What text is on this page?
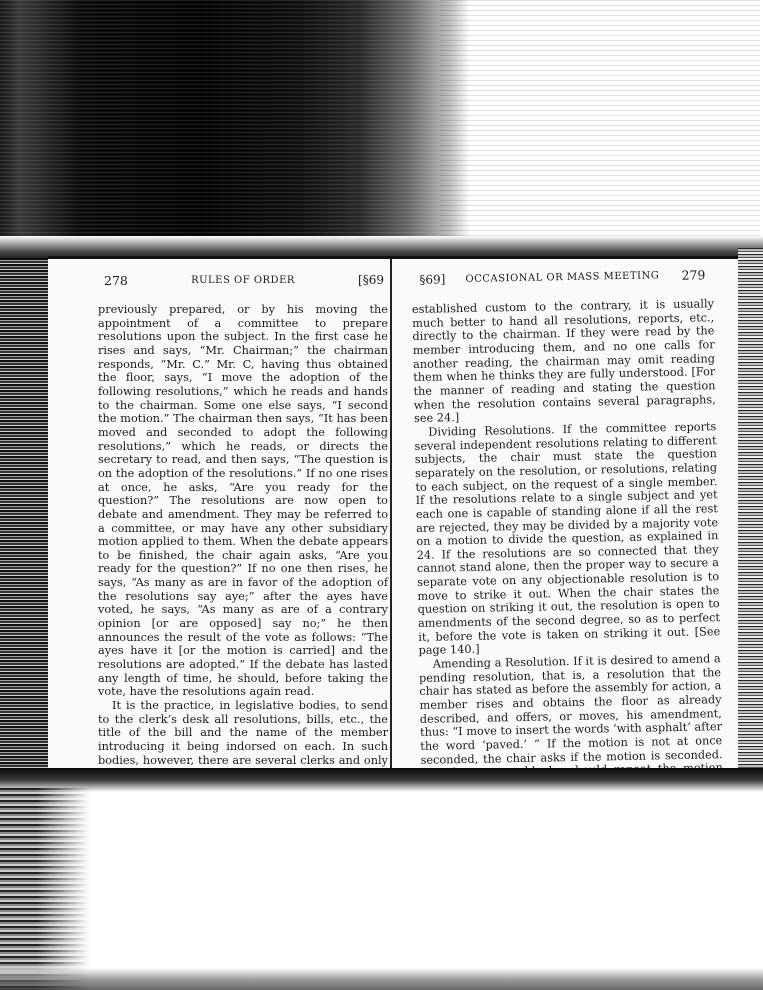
278	RULES OF ORDER	[§69

previously prepared, or by his moving the appointment of a committee to prepare resolutions upon the subject. In the first case he rises and says, “Mr. Chairman;” the chairman responds, “Mr. C.” Mr. C, having thus obtained the floor, says, “I move the adoption of the following resolutions,” which he reads and hands to the chairman. Some one else says, “I second the motion.” The chairman then says, “It has been moved and seconded to adopt the following resolutions,” which he reads, or directs the secretary to read, and then says, “The question is on the adoption of the resolutions.” If no one rises at once, he asks, “Are you ready for the question?” The resolutions are now open to debate and amendment. They may be referred to a committee, or may have any other subsidiary motion applied to them. When the debate appears to be finished, the chair again asks, “Are you ready for the question?” If no one then rises, he says, “As many as are in favor of the adoption of the resolutions say aye;” after the ayes have voted, he says, “As many as are of a contrary opinion [or are opposed] say no;” he then announces the result of the vote as follows: “The ayes have it [or the motion is carried] and the resolutions are adopted.” If the debate has lasted any length of time, he should, before taking the vote, have the resolutions again read.

It is the practice, in legislative bodies, to send to the clerk’s desk all resolutions, bills, etc., the title of the bill and the name of the member introducing it being indorsed on each. In such bodies, however, there are several clerks and only

§69]	OCCASIONAL OR MASS MEETING	279

established custom to the contrary, it is usually much better to hand all resolutions, reports, etc., directly to the chairman. If they were read by the member introducing them, and no one calls for another reading, the chairman may omit reading them when he thinks they are fully understood. [For the manner of reading and stating the question when the resolution contains several paragraphs, see 24.]

Dividing Resolutions. If the committee reports several independent resolutions relating to different subjects, the chair must state the question separately on the resolution, or resolutions, relating to each subject, on the request of a single member. If the resolutions relate to a single subject and yet each one is capable of standing alone if all the rest are rejected, they may be divided by a majority vote on a motion to divide the question, as explained in 24. If the resolutions are so connected that they cannot stand alone, then the proper way to secure a separate vote on any objectionable resolution is to move to strike it out. When the chair states the question on striking it out, the resolution is open to amendments of the second degree, so as to perfect it, before the vote is taken on striking it out. [See page 140.]

Amending a Resolution. If it is desired to amend a pending resolution, that is, a resolution that the chair has stated as before the assembly for action, a member rises and obtains the floor as already described, and offers, or moves, his amendment, thus: “I move to insert the words ‘with asphalt’ after the word ‘paved.’ ” If the motion is not at once seconded, the chair asks if the motion is seconded.
